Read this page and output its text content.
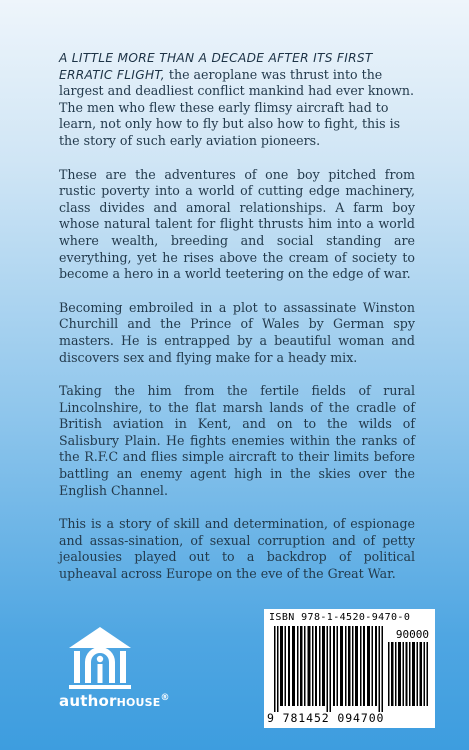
A LITTLE MORE THAN A DECADE AFTER ITS FIRST ERRATIC FLIGHT, the aeroplane was thrust into the largest and deadliest conflict mankind had ever known. The men who flew these early flimsy aircraft had to learn, not only how to fly but also how to fight, this is the story of such early aviation pioneers.

These are the adventures of one boy pitched from rustic poverty into a world of cutting edge machinery, class divides and amoral relationships. A farm boy whose natural talent for flight thrusts him into a world where wealth, breeding and social standing are everything, yet he rises above the cream of society to become a hero in a world teetering on the edge of war.

Becoming embroiled in a plot to assassinate Winston Churchill and the Prince of Wales by German spy masters. He is entrapped by a beautiful woman and discovers sex and flying make for a heady mix.

Taking the him from the fertile fields of rural Lincolnshire, to the flat marsh lands of the cradle of British aviation in Kent, and on to the wilds of Salisbury Plain. He fights enemies within the ranks of the R.F.C and flies simple aircraft to their limits before battling an enemy agent high in the skies over the English Channel.

This is a story of skill and determination, of espionage and assas-sination, of sexual corruption and of petty jealousies played out to a backdrop of political upheaval across Europe on the eve of the Great War.

authorHOUSE®
ISBN 978-1-4520-9470-0
90000
9 781452 094700
